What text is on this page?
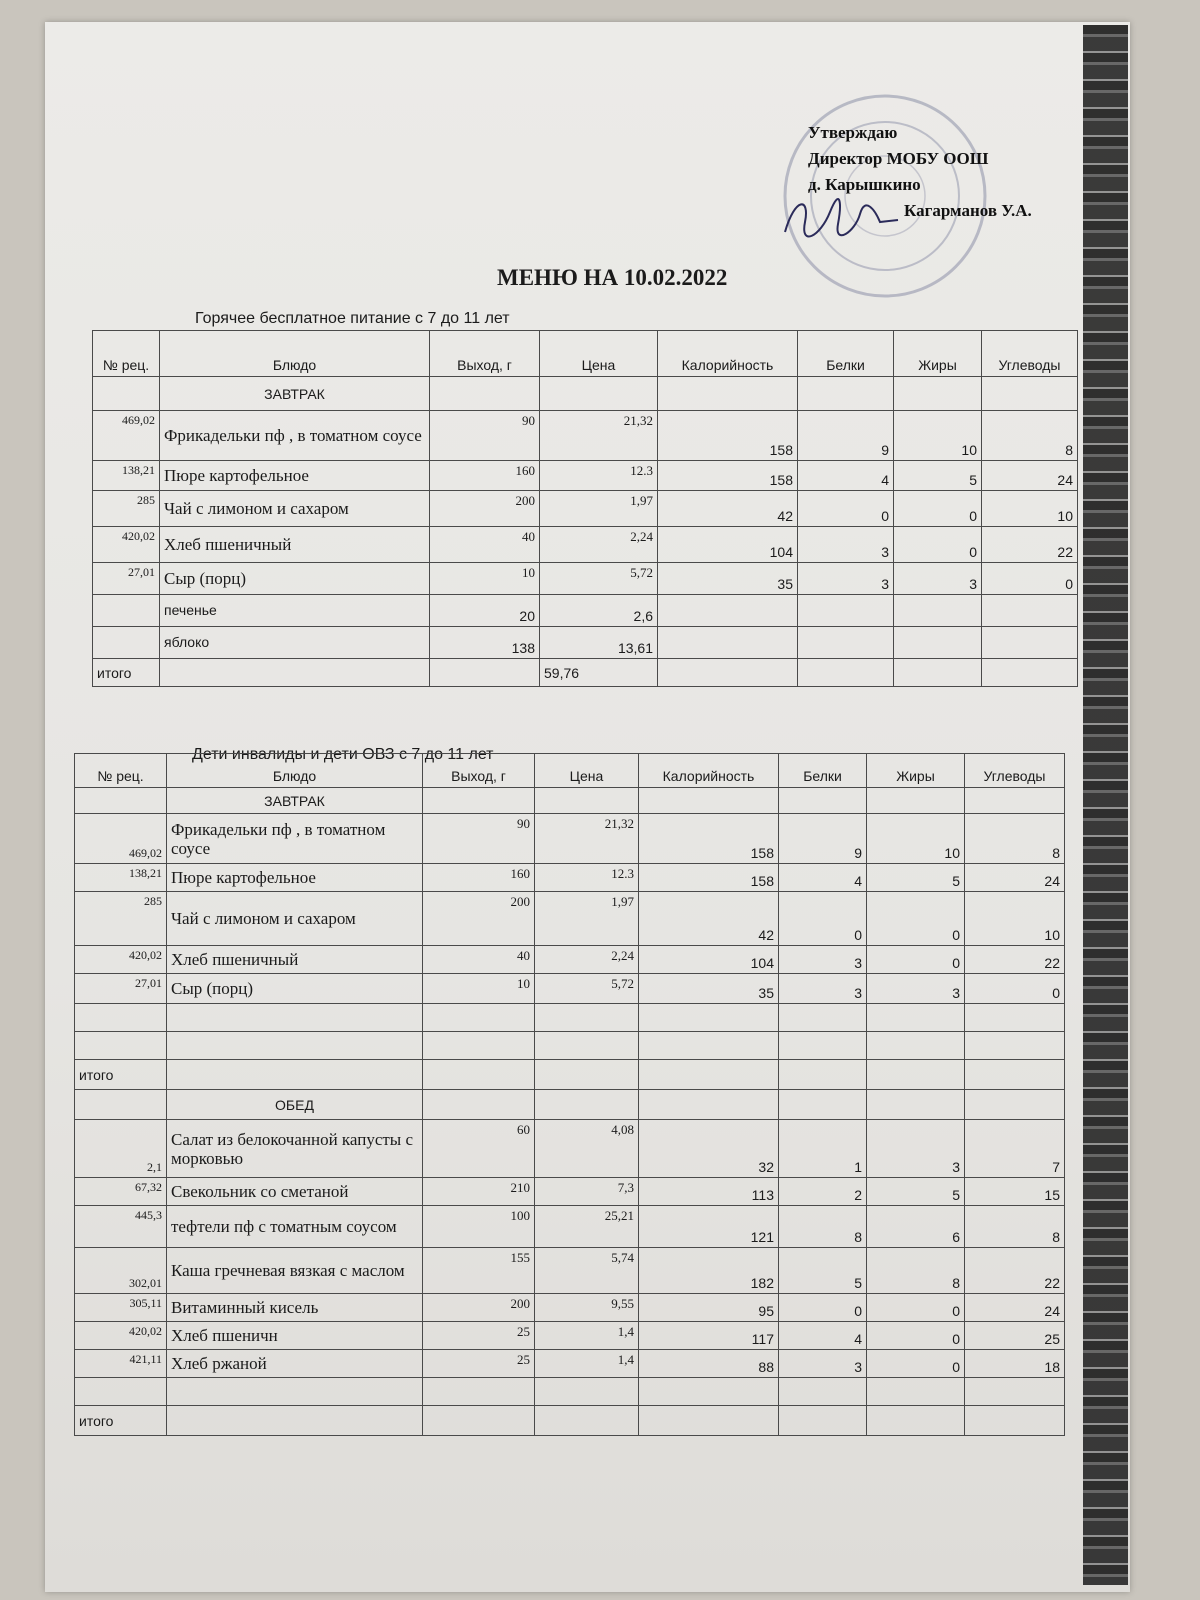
Утверждаю
Директор МОБУ ООШ
д. Карышкино
Кагарманов У.А.
МЕНЮ НА 10.02.2022
Горячее бесплатное питание с 7 до 11 лет
№ рец.	Блюдо	Выход, г	Цена	Калорийность	Белки	Жиры	Углеводы
	ЗАВТРАК						
469,02	Фрикадельки пф , в томатном соусе	90	21,32	158	9	10	8
138,21	Пюре картофельное	160	12.3	158	4	5	24
285	Чай с лимоном и сахаром	200	1,97	42	0	0	10
420,02	Хлеб пшеничный	40	2,24	104	3	0	22
27,01	Сыр (порц)	10	5,72	35	3	3	0
	печенье	20	2,6				
	яблоко	138	13,61				
итого			59,76				
Дети инвалиды и дети ОВЗ с 7 до 11 лет
№ рец.	Блюдо	Выход, г	Цена	Калорийность	Белки	Жиры	Углеводы
	ЗАВТРАК						
469,02	Фрикадельки пф , в томатном соусе	90	21,32	158	9	10	8
138,21	Пюре картофельное	160	12.3	158	4	5	24
285	Чай с лимоном и сахаром	200	1,97	42	0	0	10
420,02	Хлеб пшеничный	40	2,24	104	3	0	22
27,01	Сыр (порц)	10	5,72	35	3	3	0

итого							
	ОБЕД						
2,1	Салат из белокочанной капусты с морковью	60	4,08	32	1	3	7
67,32	Свекольник со сметаной	210	7,3	113	2	5	15
445,3	тефтели пф с томатным соусом	100	25,21	121	8	6	8
302,01	Каша гречневая вязкая с маслом	155	5,74	182	5	8	22
305,11	Витаминный кисель	200	9,55	95	0	0	24
420,02	Хлеб пшеничн	25	1,4	117	4	0	25
421,11	Хлеб ржаной	25	1,4	88	3	0	18

итого							
